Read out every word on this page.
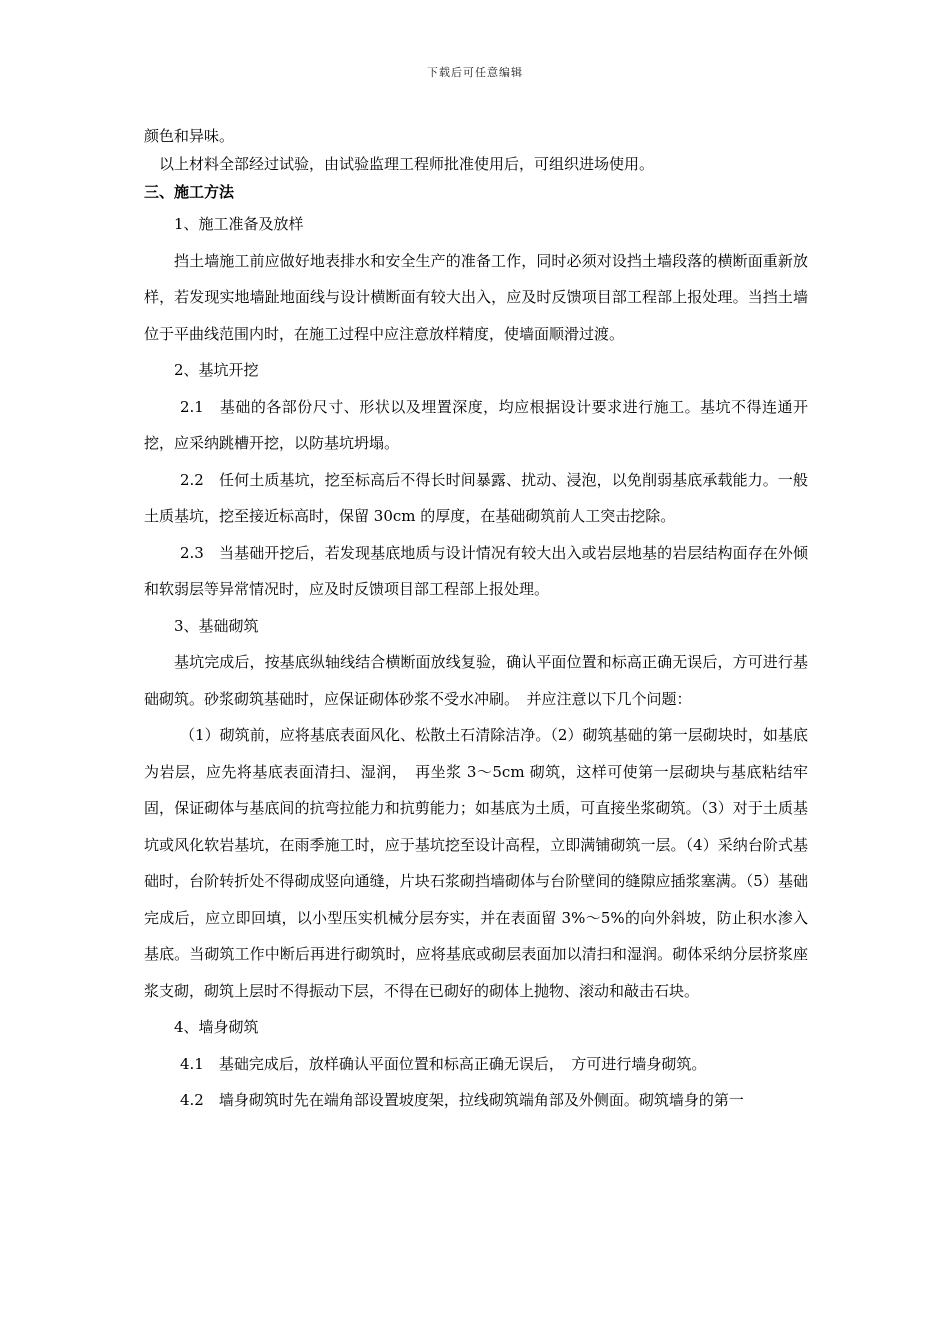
下载后可任意编辑

颜色和异味。

以上材料全部经过试验，由试验监理工程师批准使用后，可组织进场使用。

三、施工方法

1、施工准备及放样

挡土墙施工前应做好地表排水和安全生产的准备工作，同时必须对设挡土墙段落的横断面重新放样，若发现实地墙趾地面线与设计横断面有较大出入，应及时反馈项目部工程部上报处理。当挡土墙位于平曲线范围内时，在施工过程中应注意放样精度，使墙面顺滑过渡。

2、基坑开挖

2.1　基础的各部份尺寸、形状以及埋置深度，均应根据设计要求进行施工。基坑不得连通开挖，应采纳跳槽开挖，以防基坑坍塌。

2.2　任何土质基坑，挖至标高后不得长时间暴露、扰动、浸泡，以免削弱基底承载能力。一般土质基坑，挖至接近标高时，保留 30cm 的厚度，在基础砌筑前人工突击挖除。

2.3　当基础开挖后，若发现基底地质与设计情况有较大出入或岩层地基的岩层结构面存在外倾和软弱层等异常情况时，应及时反馈项目部工程部上报处理。

3、基础砌筑

基坑完成后，按基底纵轴线结合横断面放线复验，确认平面位置和标高正确无误后，方可进行基础砌筑。砂浆砌筑基础时，应保证砌体砂浆不受水冲刷。　并应注意以下几个问题：

（1）砌筑前，应将基底表面风化、松散土石清除洁净。（2）砌筑基础的第一层砌块时，如基底为岩层，应先将基底表面清扫、湿润，　再坐浆 3～5cm 砌筑，这样可使第一层砌块与基底粘结牢固，保证砌体与基底间的抗弯拉能力和抗剪能力；如基底为土质，可直接坐浆砌筑。（3）对于土质基坑或风化软岩基坑，在雨季施工时，应于基坑挖至设计高程，立即满铺砌筑一层。（4）采纳台阶式基础时，台阶转折处不得砌成竖向通缝，片块石浆砌挡墙砌体与台阶壁间的缝隙应插浆塞满。（5）基础完成后，应立即回填，以小型压实机械分层夯实，并在表面留 3%～5%的向外斜坡，防止积水渗入基底。当砌筑工作中断后再进行砌筑时，应将基底或砌层表面加以清扫和湿润。砌体采纳分层挤浆座浆支砌，砌筑上层时不得振动下层，不得在已砌好的砌体上抛物、滚动和敲击石块。

4、墙身砌筑

4.1　基础完成后，放样确认平面位置和标高正确无误后，　方可进行墙身砌筑。

4.2　墙身砌筑时先在端角部设置坡度架，拉线砌筑端角部及外侧面。砌筑墙身的第一
